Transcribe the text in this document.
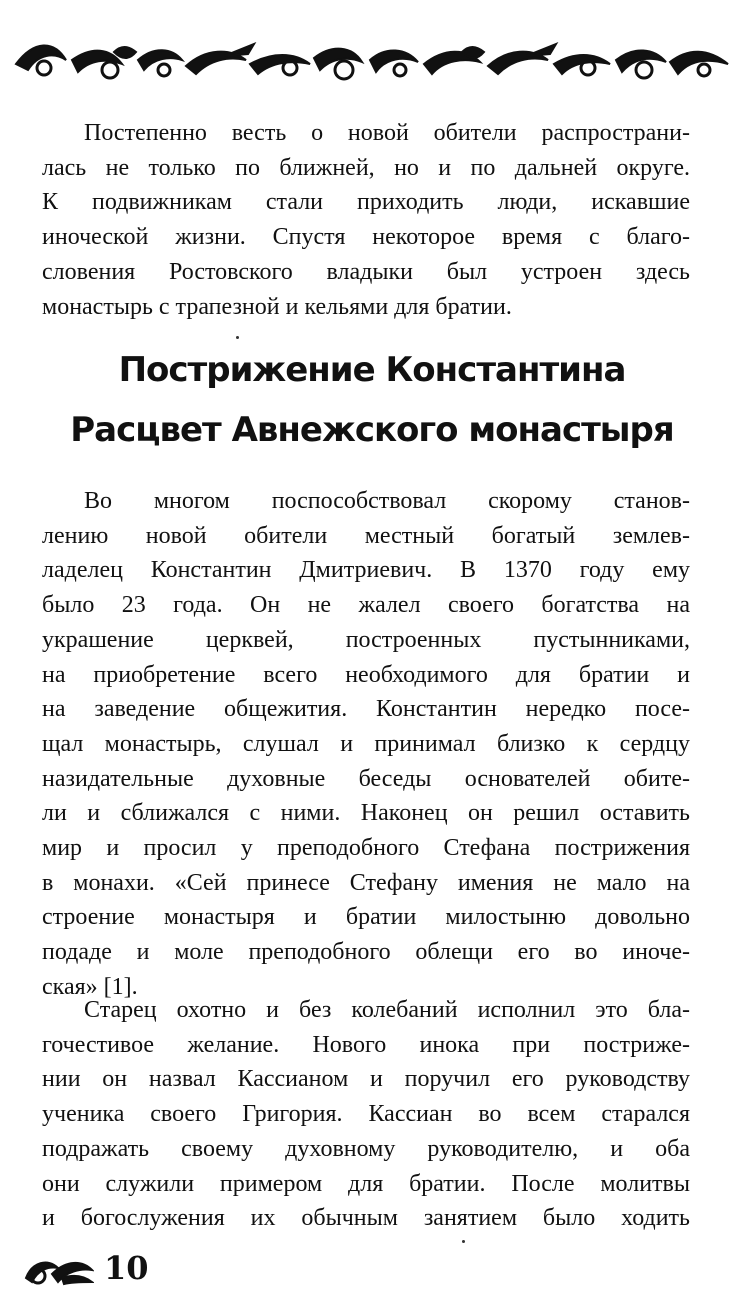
Постепенно весть о новой обители распространи-
лась не только по ближней, но и по дальней округе.
К подвижникам стали приходить люди, искавшие
иноческой жизни. Спустя некоторое время с благо-
словения Ростовского владыки был устроен здесь
монастырь с трапезной и кельями для братии.

Пострижение Константина
Расцвет Авнежского монастыря

Во многом поспособствовал скорому станов-
лению новой обители местный богатый землев-
ладелец Константин Дмитриевич. В 1370 году ему
было 23 года. Он не жалел своего богатства на
украшение церквей, построенных пустынниками,
на приобретение всего необходимого для братии и
на заведение общежития. Константин нередко посе-
щал монастырь, слушал и принимал близко к сердцу
назидательные духовные беседы основателей обите-
ли и сближался с ними. Наконец он решил оставить
мир и просил у преподобного Стефана пострижения
в монахи. «Сей принесе Стефану имения не мало на
строение монастыря и братии милостыню довольно
подаде и моле преподобного облещи его во иноче-
ская» [1].

Старец охотно и без колебаний исполнил это бла-
гочестивое желание. Нового инока при постриже-
нии он назвал Кассианом и поручил его руководству
ученика своего Григория. Кассиан во всем старался
подражать своему духовному руководителю, и оба
они служили примером для братии. После молитвы
и богослужения их обычным занятием было ходить

10
